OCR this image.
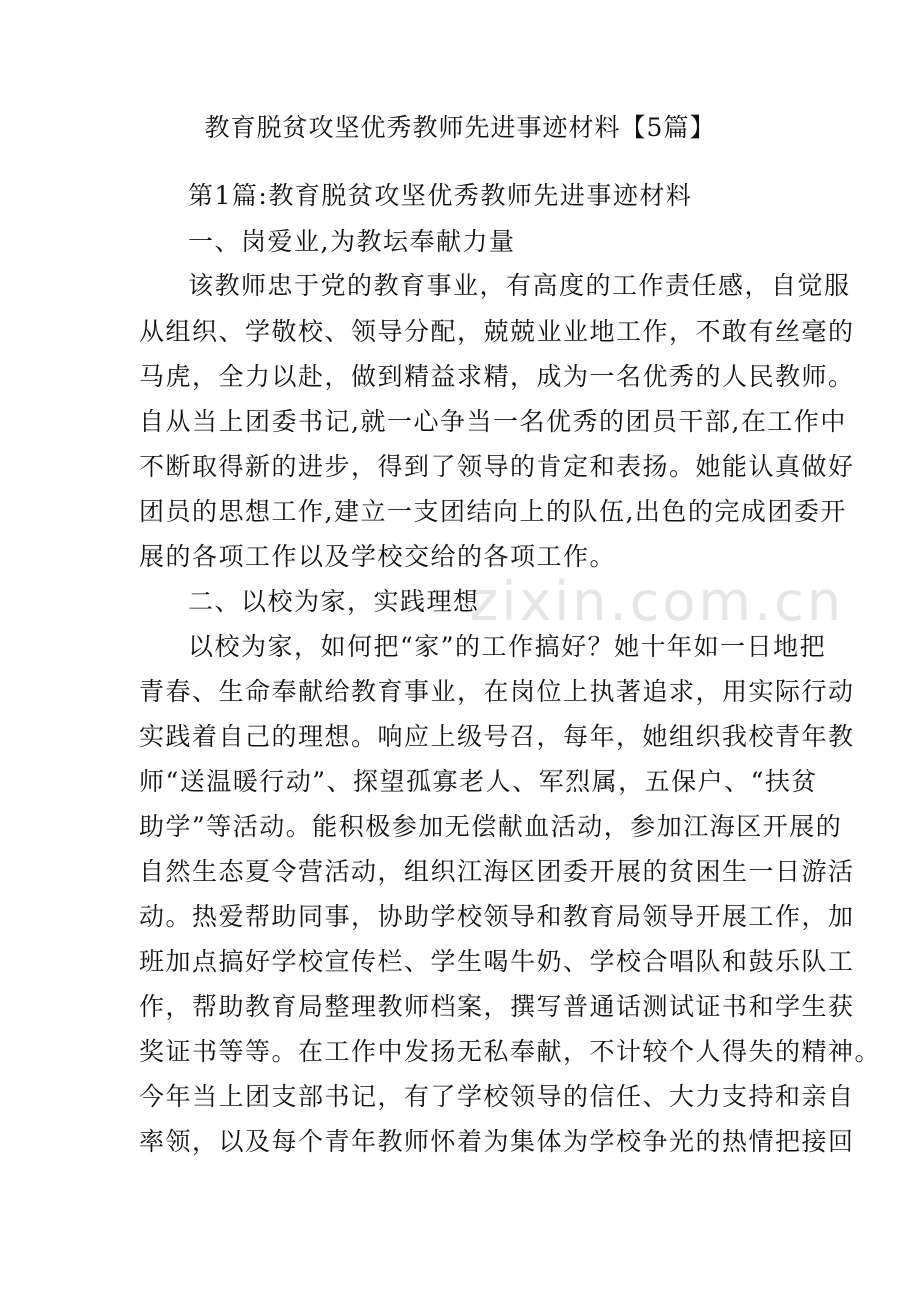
zixin.com.cn
教育脱贫攻坚优秀教师先进事迹材料【5篇】
第1篇:教育脱贫攻坚优秀教师先进事迹材料
一、岗爱业,为教坛奉献力量
该教师忠于党的教育事业，有高度的工作责任感，自觉服
从组织、学敬校、领导分配，兢兢业业地工作，不敢有丝毫的
马虎，全力以赴，做到精益求精，成为一名优秀的人民教师。
自从当上团委书记,就一心争当一名优秀的团员干部,在工作中
不断取得新的进步，得到了领导的肯定和表扬。她能认真做好
团员的思想工作,建立一支团结向上的队伍,出色的完成团委开
展的各项工作以及学校交给的各项工作。
二、以校为家，实践理想
以校为家，如何把“家”的工作搞好？她十年如一日地把
青春、生命奉献给教育事业，在岗位上执著追求，用实际行动
实践着自己的理想。响应上级号召，每年，她组织我校青年教
师“送温暖行动”、探望孤寡老人、军烈属，五保户、“扶贫
助学”等活动。能积极参加无偿献血活动，参加江海区开展的
自然生态夏令营活动，组织江海区团委开展的贫困生一日游活
动。热爱帮助同事，协助学校领导和教育局领导开展工作，加
班加点搞好学校宣传栏、学生喝牛奶、学校合唱队和鼓乐队工
作，帮助教育局整理教师档案，撰写普通话测试证书和学生获
奖证书等等。在工作中发扬无私奉献，不计较个人得失的精神。
今年当上团支部书记，有了学校领导的信任、大力支持和亲自
率领，以及每个青年教师怀着为集体为学校争光的热情把接回
